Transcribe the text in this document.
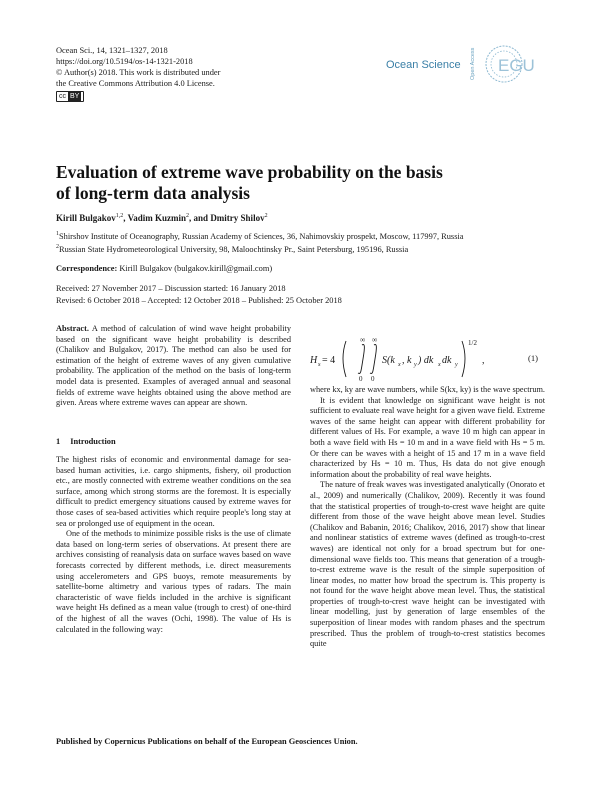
Ocean Sci., 14, 1321–1327, 2018
https://doi.org/10.5194/os-14-1321-2018
© Author(s) 2018. This work is distributed under
the Creative Commons Attribution 4.0 License.
cc BY
Ocean Science Open Access EGU
Evaluation of extreme wave probability on the basis
of long-term data analysis
Kirill Bulgakov$^{1,2}$, Vadim Kuzmin$^2$, and Dmitry Shilov$^2$
$^1$Shirshov Institute of Oceanography, Russian Academy of Sciences, 36, Nahimovskiy prospekt, Moscow, 117997, Russia
$^2$Russian State Hydrometeorological University, 98, Maloochtinsky Pr., Saint Petersburg, 195196, Russia
Correspondence: Kirill Bulgakov (bulgakov.kirill@gmail.com)
Received: 27 November 2017 – Discussion started: 16 January 2018
Revised: 6 October 2018 – Accepted: 12 October 2018 – Published: 25 October 2018

Abstract. A method of calculation of wind wave height probability based on the significant wave height probability is described (Chalikov and Bulgakov, 2017). The method can also be used for estimation of the height of extreme waves of any given cumulative probability. The application of the method on the basis of long-term model data is presented. Examples of averaged annual and seasonal fields of extreme wave heights obtained using the above method are given. Areas where extreme waves can appear are shown.

1 Introduction

The highest risks of economic and environmental damage for sea-based human activities, i.e. cargo shipments, fishery, oil production etc., are mostly connected with extreme weather conditions on the sea surface, among which strong storms are the foremost. It is especially difficult to predict emergency situations caused by extreme waves for those cases of sea-based activities which require people's long stay at sea or prolonged use of equipment in the ocean.

One of the methods to minimize possible risks is the use of climate data based on long-term series of observations. At present there are archives consisting of reanalysis data on surface waves based on wave forecasts corrected by different methods, i.e. direct measurements using accelerometers and GPS buoys, remote measurements by satellite-borne altimetry and various types of radars. The main characteristic of wave fields included in the archive is significant wave height Hs defined as a mean value (trough to crest) of one-third of the highest of all the waves (Ochi, 1998). The value of Hs is calculated in the following way:

H s = 4
∞ ∞
0 0
S(k x , k y ) dk x dk y
1/2
,	(1)

where kx, ky are wave numbers, while S(kx, ky) is the wave spectrum.

It is evident that knowledge on significant wave height is not sufficient to evaluate real wave height for a given wave field. Extreme waves of the same height can appear with different probability for different values of Hs. For example, a wave 10 m high can appear in both a wave field with Hs = 10 m and in a wave field with Hs = 5 m. Or there can be waves with a height of 15 and 17 m in a wave field characterized by Hs = 10 m. Thus, Hs data do not give enough information about the probability of real wave heights.

The nature of freak waves was investigated analytically (Onorato et al., 2009) and numerically (Chalikov, 2009). Recently it was found that the statistical properties of trough-to-crest wave height are quite different from those of the wave height above mean level. Studies (Chalikov and Babanin, 2016; Chalikov, 2016, 2017) show that linear and nonlinear statistics of extreme waves (defined as trough-to-crest waves) are identical not only for a broad spectrum but for one-dimensional wave fields too. This means that generation of a trough-to-crest extreme wave is the result of the simple superposition of linear modes, no matter how broad the spectrum is. This property is not found for the wave height above mean level. Thus, the statistical properties of trough-to-crest wave height can be investigated with linear modelling, just by generation of large ensembles of the superposition of linear modes with random phases and the spectrum prescribed. Thus the problem of trough-to-crest statistics becomes quite

Published by Copernicus Publications on behalf of the European Geosciences Union.
